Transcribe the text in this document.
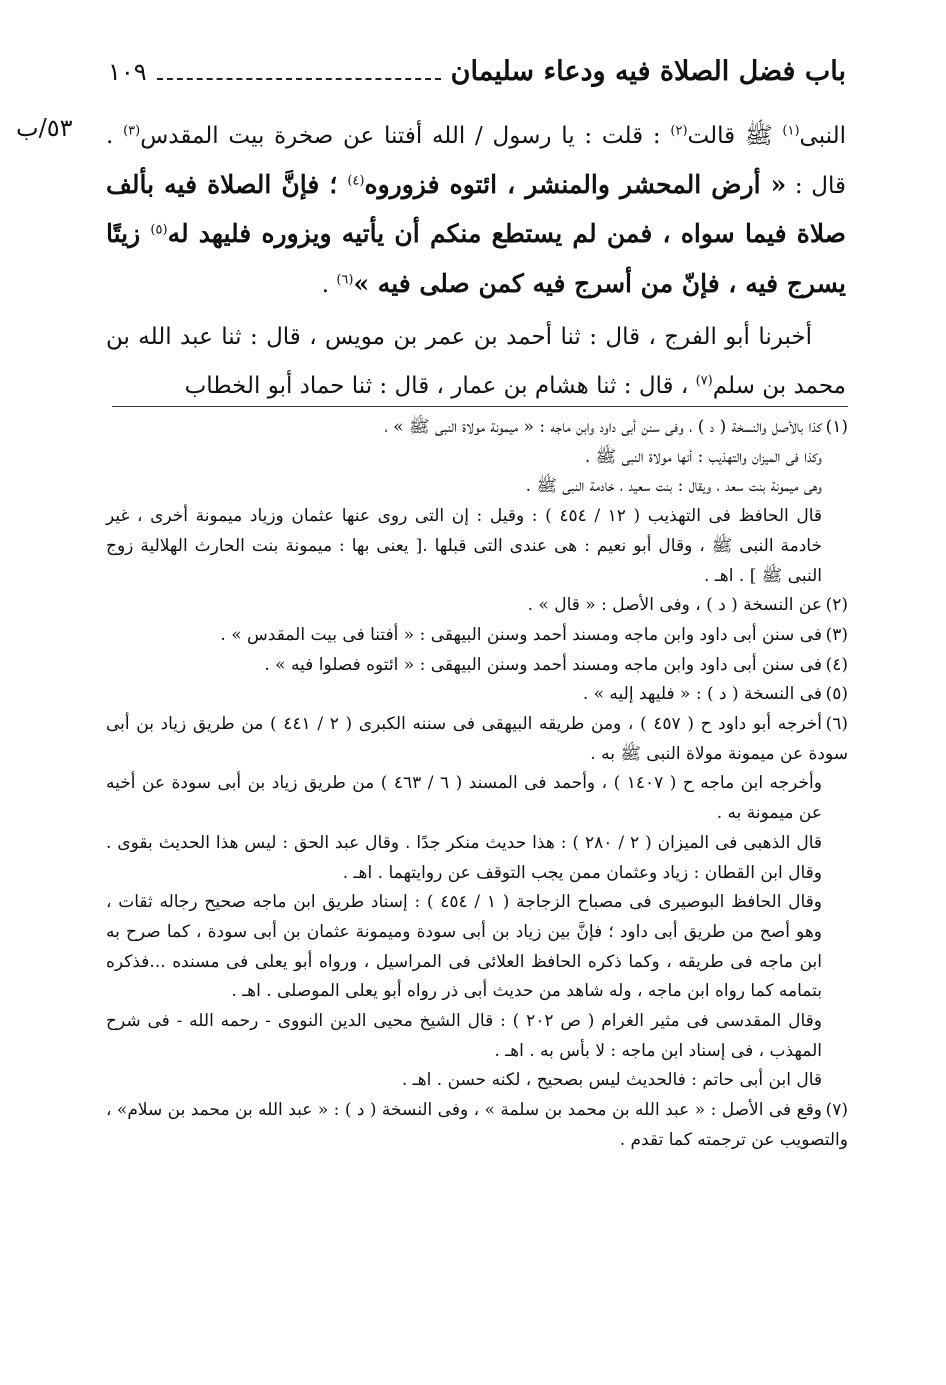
باب فضل الصلاة فيه ودعاء سليمان
١٠٩
٥٣/ب	النبى$^{(١)}$ ﷺ قالت$^{(٢)}$ : قلت : يا رسول / الله أفتنا عن صخرة بيت المقدس$^{(٣)}$ . قال : « أرض المحشر والمنشر ، ائتوه فزوروه$^{(٤)}$ ؛ فإنَّ الصلاة فيه بألف صلاة فيما سواه ، فمن لم يستطع منكم أن يأتيه ويزوره فليهد له$^{(٥)}$ زيتًا يسرج فيه ، فإنّ من أسرج فيه كمن صلى فيه »$^{(٦)}$ .

أخبرنا أبو الفرج ، قال : ثنا أحمد بن عمر بن مويس ، قال : ثنا عبد الله بن محمد بن سلم$^{(٧)}$ ، قال : ثنا هشام بن عمار ، قال : ثنا حماد أبو الخطاب

(١)كذا بالأصل والنسخة ( د ) ، وفى سنن أبى داود وابن ماجه : « ميمونة مولاة النبى ﷺ » ،

وكذا فى الميزان والتهذيب : أنها مولاة النبى ﷺ .

وهى ميمونة بنت سعد ، ويقال : بنت سعيد ، خادمة النبى ﷺ .

قال الحافظ فى التهذيب ( ١٢ / ٤٥٤ ) : وقيل : إن التى روى عنها عثمان وزياد ميمونة أخرى ، غير خادمة النبى ﷺ ، وقال أبو نعيم : هى عندى التى قبلها .[ يعنى بها : ميمونة بنت الحارث الهلالية زوج النبى ﷺ ] . اهـ .

(٢)عن النسخة ( د ) ، وفى الأصل : « قال » .
(٣)فى سنن أبى داود وابن ماجه ومسند أحمد وسنن البيهقى : « أفتنا فى بيت المقدس » .
(٤)فى سنن أبى داود وابن ماجه ومسند أحمد وسنن البيهقى : « ائتوه فصلوا فيه » .
(٥)فى النسخة ( د ) : « فليهد إليه » .
(٦)أخرجه أبو داود ح ( ٤٥٧ ) ، ومن طريقه البيهقى فى سننه الكبرى ( ٢ / ٤٤١ ) من طريق زياد بن أبى سودة عن ميمونة مولاة النبى ﷺ به .

وأخرجه ابن ماجه ح ( ١٤٠٧ ) ، وأحمد فى المسند ( ٦ / ٤٦٣ ) من طريق زياد بن أبى سودة عن أخيه عن ميمونة به .

قال الذهبى فى الميزان ( ٢ / ٢٨٠ ) : هذا حديث منكر جدًا . وقال عبد الحق : ليس هذا الحديث بقوى . وقال ابن القطان : زياد وعثمان ممن يجب التوقف عن روايتهما . اهـ .

وقال الحافظ البوصيرى فى مصباح الزجاجة ( ١ / ٤٥٤ ) : إسناد طريق ابن ماجه صحيح رجاله ثقات ، وهو أصح من طريق أبى داود ؛ فإنَّ بين زياد بن أبى سودة وميمونة عثمان بن أبى سودة ، كما صرح به ابن ماجه فى طريقه ، وكما ذكره الحافظ العلائى فى المراسيل ، ورواه أبو يعلى فى مسنده ...فذكره بتمامه كما رواه ابن ماجه ، وله شاهد من حديث أبى ذر رواه أبو يعلى الموصلى . اهـ .

وقال المقدسى فى مثير الغرام ( ص ٢٠٢ ) : قال الشيخ محيى الدين النووى - رحمه الله - فى شرح المهذب ، فى إسناد ابن ماجه : لا بأس به . اهـ .

قال ابن أبى حاتم : فالحديث ليس بصحيح ، لكنه حسن . اهـ .

(٧)وقع فى الأصل : « عبد الله بن محمد بن سلمة » ، وفى النسخة ( د ) : « عبد الله بن محمد بن سلام» ، والتصويب عن ترجمته كما تقدم .
